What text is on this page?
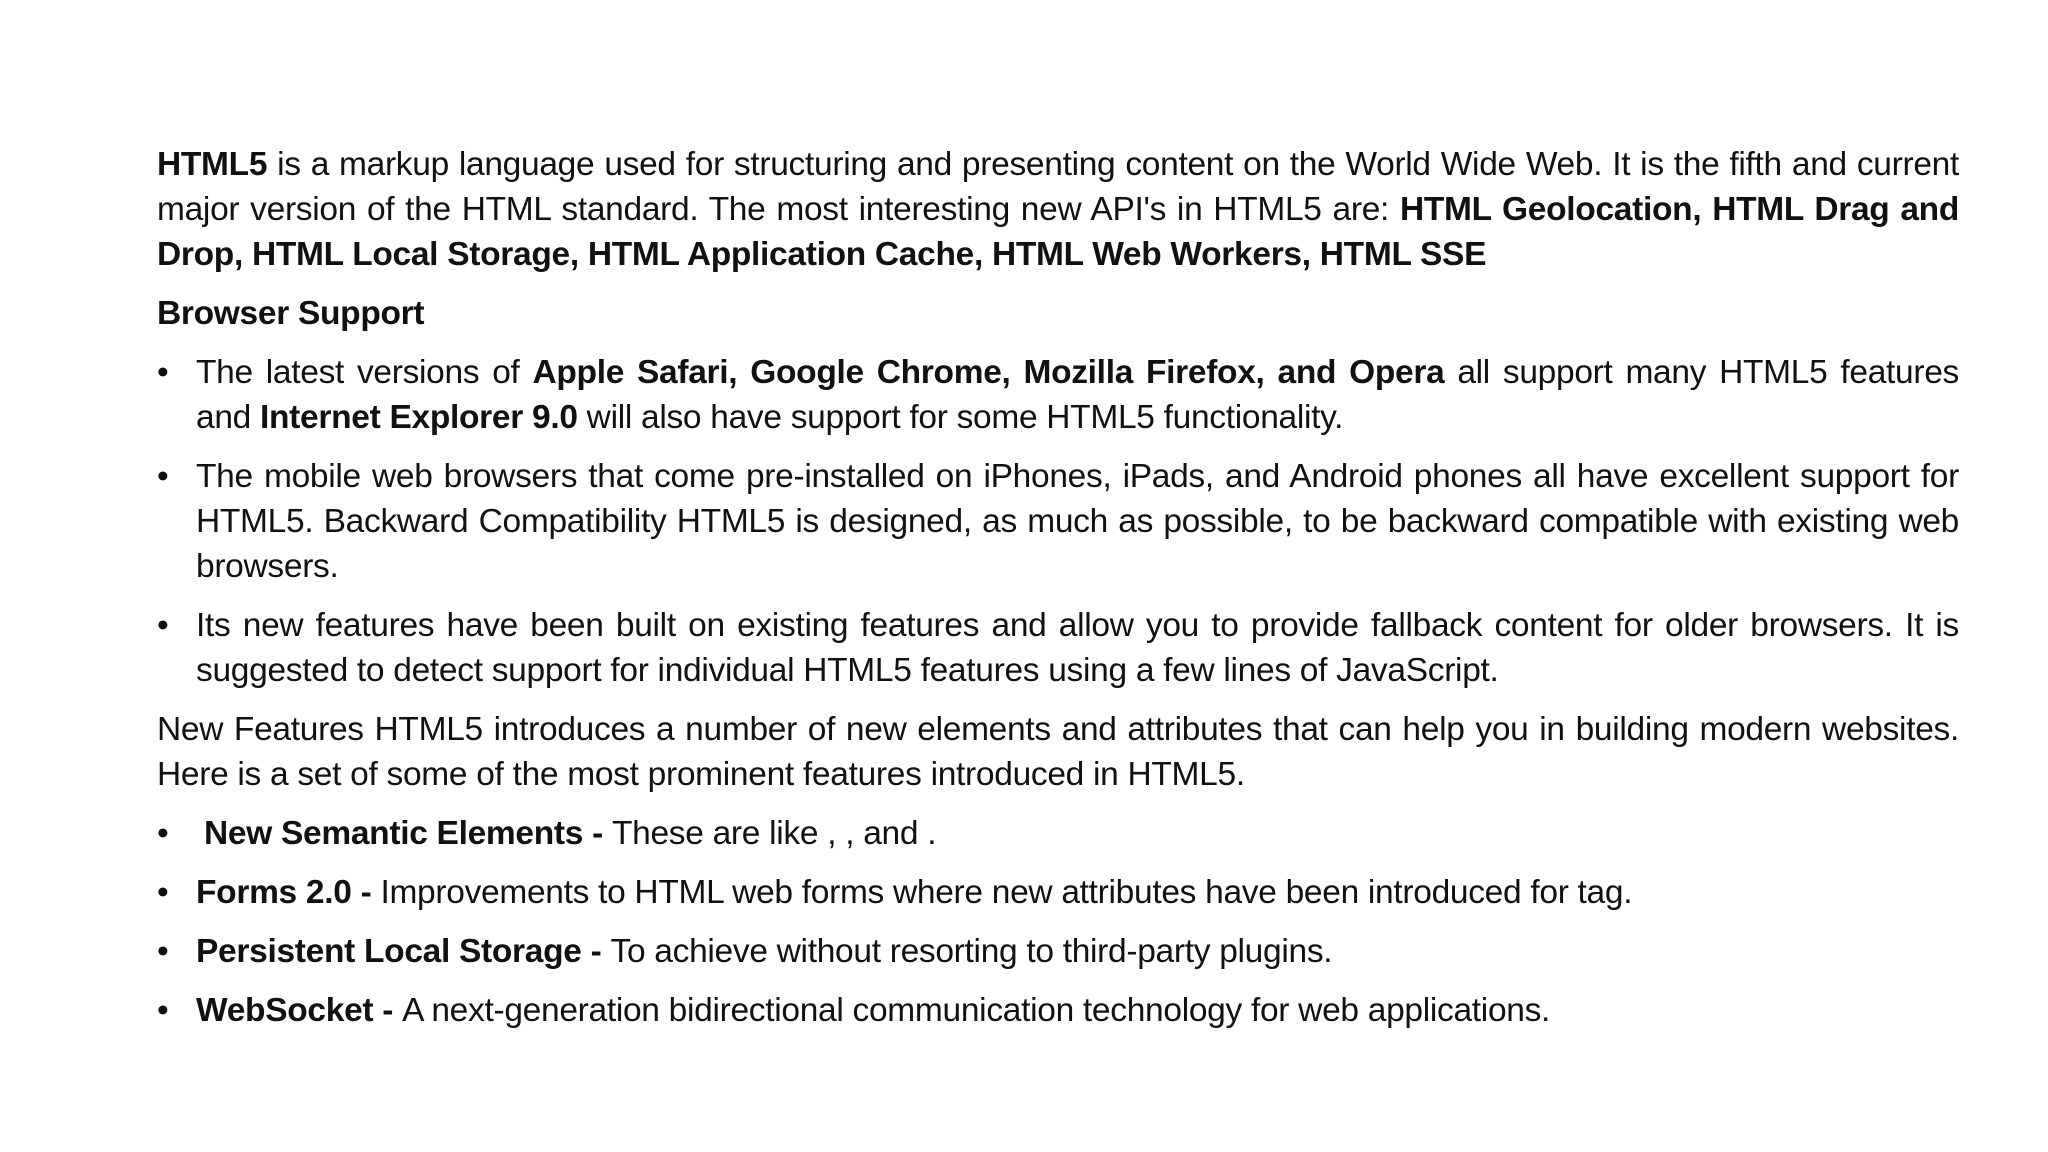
HTML5 is a markup language used for structuring and presenting content on the World Wide Web. It is the fifth and current major version of the HTML standard. The most interesting new API's in HTML5 are: HTML Geolocation, HTML Drag and Drop, HTML Local Storage, HTML Application Cache, HTML Web Workers, HTML SSE

Browser Support

• The latest versions of Apple Safari, Google Chrome, Mozilla Firefox, and Opera all support many HTML5 features and Internet Explorer 9.0 will also have support for some HTML5 functionality.
• The mobile web browsers that come pre-installed on iPhones, iPads, and Android phones all have excellent support for HTML5. Backward Compatibility HTML5 is designed, as much as possible, to be backward compatible with existing web browsers.
• Its new features have been built on existing features and allow you to provide fallback content for older browsers. It is suggested to detect support for individual HTML5 features using a few lines of JavaScript.

New Features HTML5 introduces a number of new elements and attributes that can help you in building modern websites. Here is a set of some of the most prominent features introduced in HTML5.

• New Semantic Elements - These are like , , and .
• Forms 2.0 - Improvements to HTML web forms where new attributes have been introduced for tag.
• Persistent Local Storage - To achieve without resorting to third-party plugins.
• WebSocket - A next-generation bidirectional communication technology for web applications.
